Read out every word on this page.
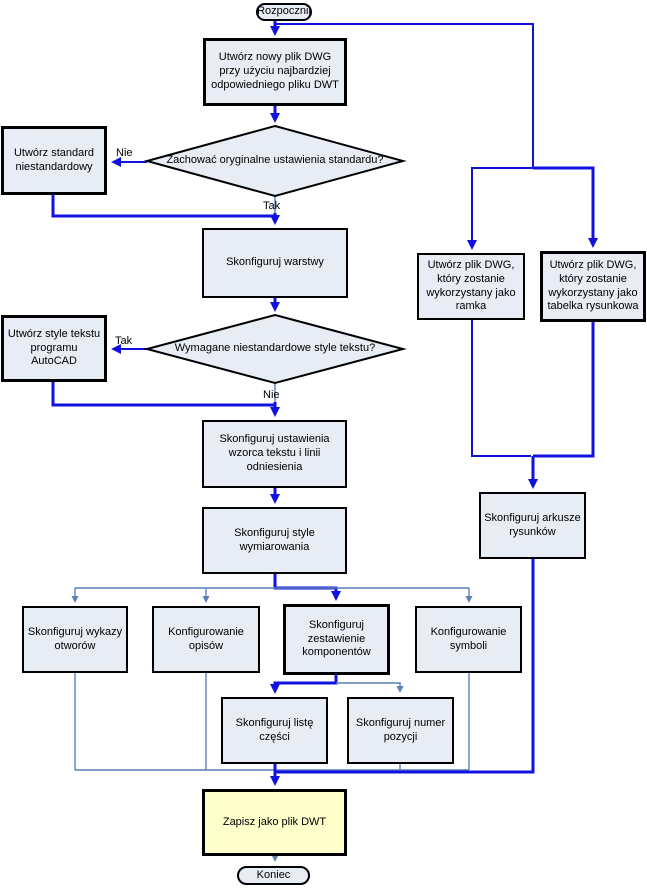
Rozpocznij
Koniec
Utwórz nowy plik DWG przy użyciu najbardziej odpowiedniego pliku DWT
Skonfiguruj warstwy
Skonfiguruj ustawienia wzorca tekstu i linii odniesienia
Skonfiguruj style wymiarowania
Utwórz standard niestandardowy
Utwórz style tekstu programu AutoCAD
Zachować oryginalne ustawienia standardu?
Wymagane niestandardowe style tekstu?
Nie
Tak
Tak
Nie
Skonfiguruj wykazy otworów
Konfigurowanie opisów
Skonfiguruj zestawienie komponentów
Konfigurowanie symboli
Skonfiguruj listę części
Skonfiguruj numer pozycji
Utwórz plik DWG, który zostanie wykorzystany jako ramka
Utwórz plik DWG, który zostanie wykorzystany jako tabelka rysunkowa
Skonfiguruj arkusze rysunków
Zapisz jako plik DWT
